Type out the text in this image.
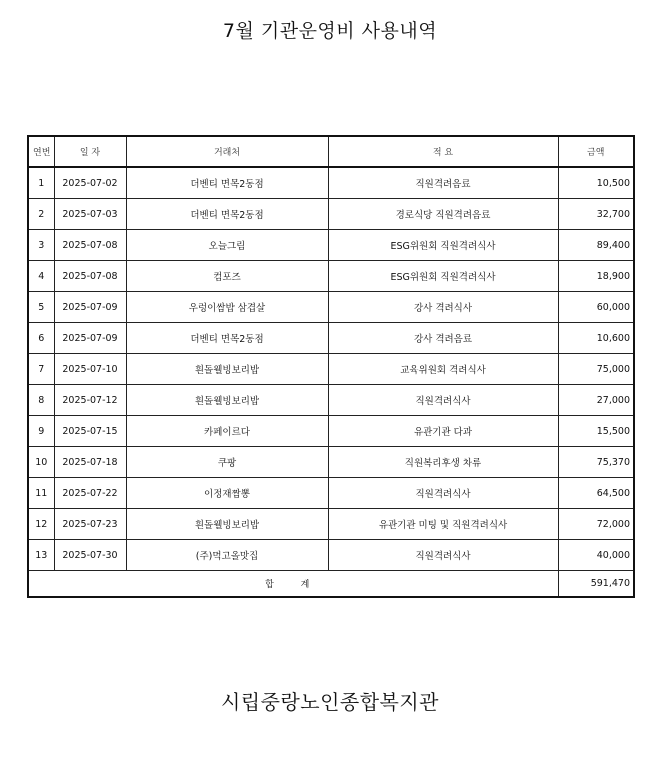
7월 기관운영비 사용내역
연번	일 자	거래처	적 요	금액
1	2025-07-02	더벤티 면목2동점	직원격려음료	10,500
2	2025-07-03	더벤티 면목2동점	경로식당 직원격려음료	32,700
3	2025-07-08	오늘그림	ESG위원회 직원격려식사	89,400
4	2025-07-08	컴포즈	ESG위원회 직원격려식사	18,900
5	2025-07-09	우렁이쌈밥 삼겹살	강사 격려식사	60,000
6	2025-07-09	더벤티 면목2동점	강사 격려음료	10,600
7	2025-07-10	흰돌웰빙보리밥	교육위원회 격려식사	75,000
8	2025-07-12	흰돌웰빙보리밥	직원격려식사	27,000
9	2025-07-15	카페이르다	유관기관 다과	15,500
10	2025-07-18	쿠팡	직원복리후생 차류	75,370
11	2025-07-22	이정재짬뽕	직원격려식사	64,500
12	2025-07-23	흰돌웰빙보리밥	유관기관 미팅 및 직원격려식사	72,000
13	2025-07-30	(주)먹고올맛집	직원격려식사	40,000
합 계				591,470
시립중랑노인종합복지관
